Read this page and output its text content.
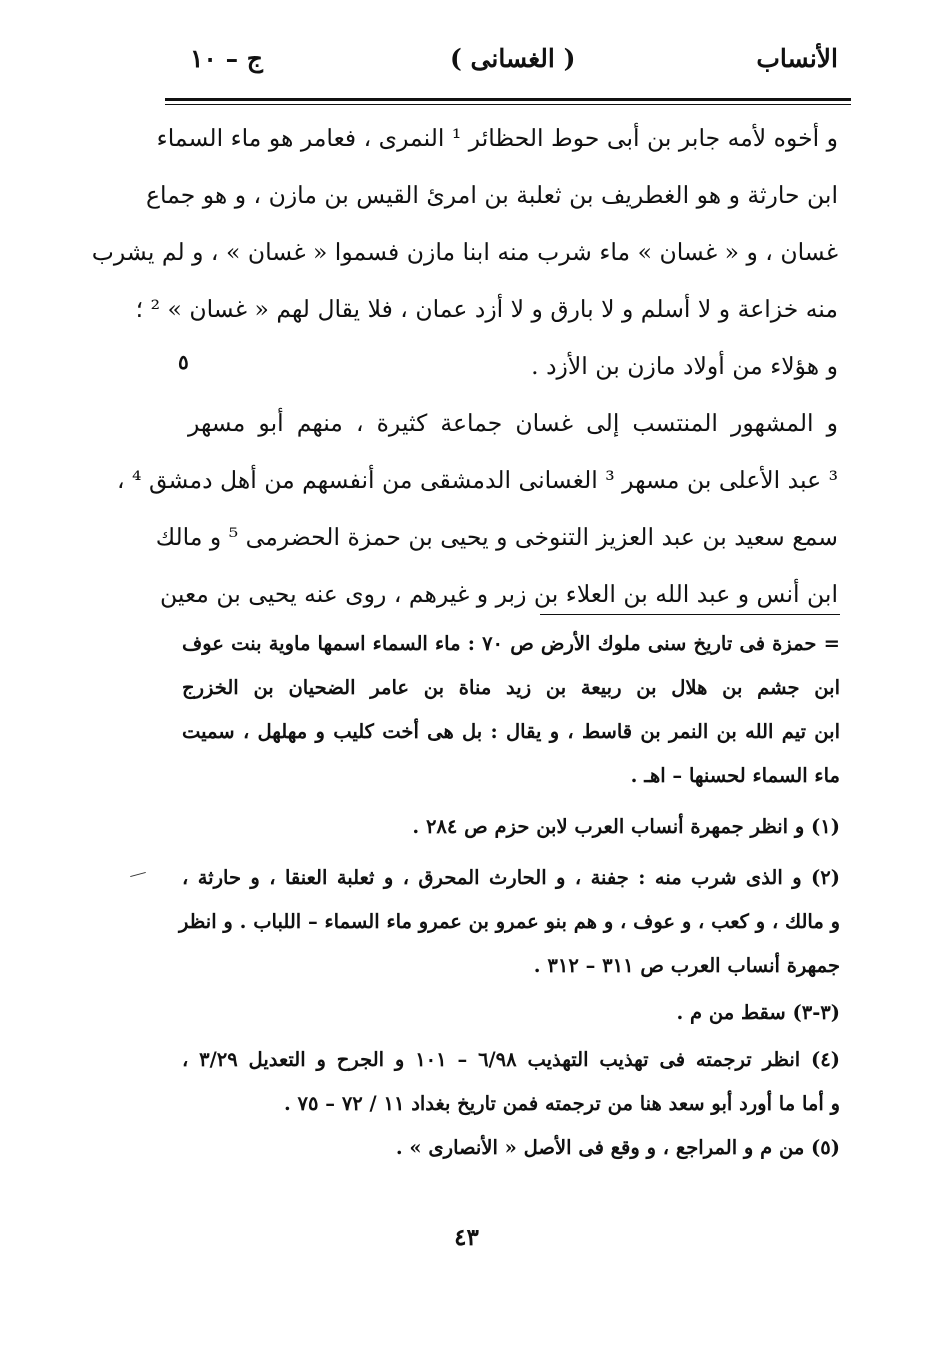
الأنساب
( الغسانى )
ج – ١٠
و أخوه لأمه جابر بن أبى حوط الحظائر ¹ النمرى ، فعامر هو ماء السماء
ابن حارثة و هو الغطريف بن ثعلبة بن امرئ القيس بن مازن ، و هو جماع
غسان ، و « غسان » ماء شرب منه ابنا مازن فسموا « غسان » ، و لم يشرب
منه خزاعة و لا أسلم و لا بارق و لا أزد عمان ، فلا يقال لهم « غسان » ² ؛
و هؤلاء من أولاد مازن بن الأزد .
و المشهور المنتسب إلى غسان جماعة كثيرة ، منهم أبو مسهر
³ عبد الأعلى بن مسهر ³ الغسانى الدمشقى من أنفسهم من أهل دمشق ⁴ ،
سمع سعيد بن عبد العزيز التنوخى و يحيى بن حمزة الحضرمى ⁵ و مالك
ابن أنس و عبد الله بن العلاء بن زبر و غيرهم ، روى عنه يحيى بن معين
٥
= حمزة فى تاريخ سنى ملوك الأرض ص ٧٠ : ماء السماء اسمها ماوية بنت عوف
ابن جشم بن هلال بن ربيعة بن زيد مناة بن عامر الضحيان بن الخزرج
ابن تيم الله بن النمر بن قاسط ، و يقال : بل هى أخت كليب و مهلهل ، سميت
ماء السماء لحسنها – اهـ .
(١) و انظر جمهرة أنساب العرب لابن حزم ص ٢٨٤ .
(٢) و الذى شرب منه : جفنة ، و الحارث المحرق ، و ثعلبة العنقا ، و حارثة ،
و مالك ، و كعب ، و عوف ، و هم بنو عمرو بن عمرو ماء السماء – اللباب . و انظر
جمهرة أنساب العرب ص ٣١١ – ٣١٢ .
(٣-٣) سقط من م .
(٤) انظر ترجمته فى تهذيب التهذيب ٦/٩٨ – ١٠١ و الجرح و التعديل ٣/٢٩ ،
و أما ما أورد أبو سعد هنا من ترجمته فمن تاريخ بغداد ١١ / ٧٢ – ٧٥ .
(٥) من م و المراجع ، و وقع فى الأصل « الأنصارى » .
٤٣
